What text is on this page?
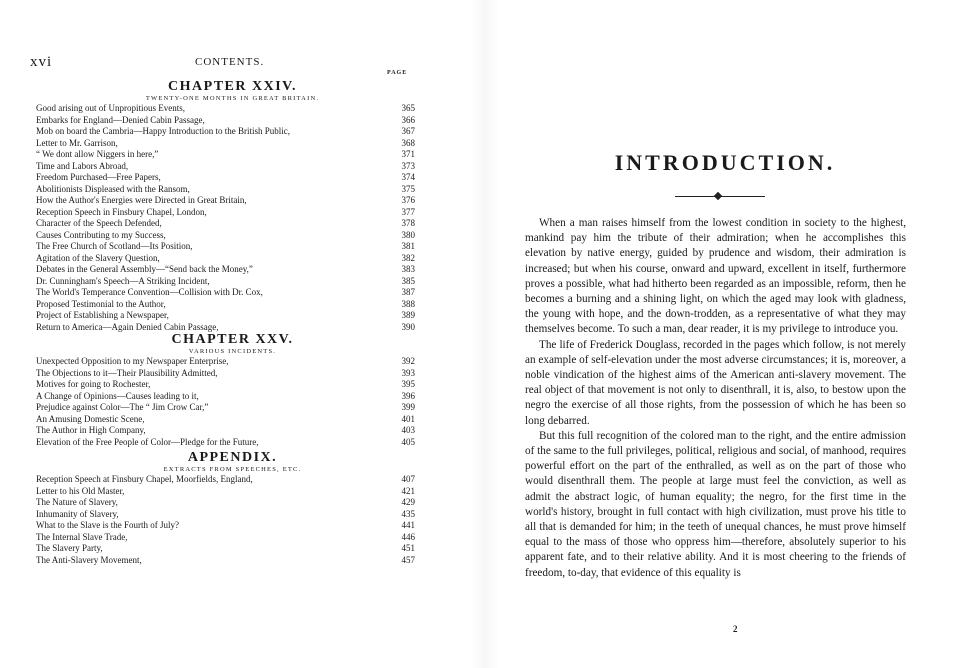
xvi	CONTENTS.
PAGE
CHAPTER XXIV.
TWENTY-ONE MONTHS IN GREAT BRITAIN.
Good arising out of Unpropitious Events,	365
Embarks for England—Denied Cabin Passage,	366
Mob on board the Cambria—Happy Introduction to the British Public,	367
Letter to Mr. Garrison,	368
“ We dont allow Niggers in here,”	371
Time and Labors Abroad,	373
Freedom Purchased—Free Papers,	374
Abolitionists Displeased with the Ransom,	375
How the Author's Energies were Directed in Great Britain,	376
Reception Speech in Finsbury Chapel, London,	377
Character of the Speech Defended,	378
Causes Contributing to my Success,	380
The Free Church of Scotland—Its Position,	381
Agitation of the Slavery Question,	382
Debates in the General Assembly—“Send back the Money,”	383
Dr. Cunningham's Speech—A Striking Incident,	385
The World's Temperance Convention—Collision with Dr. Cox,	387
Proposed Testimonial to the Author,	388
Project of Establishing a Newspaper,	389
Return to America—Again Denied Cabin Passage,	390
CHAPTER XXV.
VARIOUS INCIDENTS.
Unexpected Opposition to my Newspaper Enterprise,	392
The Objections to it—Their Plausibility Admitted,	393
Motives for going to Rochester,	395
A Change of Opinions—Causes leading to it,	396
Prejudice against Color—The “ Jim Crow Car,”	399
An Amusing Domestic Scene,	401
The Author in High Company,	403
Elevation of the Free People of Color—Pledge for the Future,	405
APPENDIX.
EXTRACTS FROM SPEECHES, ETC.
Reception Speech at Finsbury Chapel, Moorfields, England,	407
Letter to his Old Master,	421
The Nature of Slavery,	429
Inhumanity of Slavery,	435
What to the Slave is the Fourth of July?	441
The Internal Slave Trade,	446
The Slavery Party,	451
The Anti-Slavery Movement,	457
INTRODUCTION.

When a man raises himself from the lowest condition in society to the highest, mankind pay him the tribute of their admiration; when he accomplishes this elevation by native energy, guided by prudence and wisdom, their admiration is increased; but when his course, onward and upward, excellent in itself, furthermore proves a possible, what had hitherto been regarded as an impossible, reform, then he becomes a burning and a shining light, on which the aged may look with gladness, the young with hope, and the down-trodden, as a representative of what they may themselves become. To such a man, dear reader, it is my privilege to introduce you.

The life of Frederick Douglass, recorded in the pages which follow, is not merely an example of self-elevation under the most adverse circumstances; it is, moreover, a noble vindication of the highest aims of the American anti-slavery movement. The real object of that movement is not only to disenthrall, it is, also, to bestow upon the negro the exercise of all those rights, from the possession of which he has been so long debarred.

But this full recognition of the colored man to the right, and the entire admission of the same to the full privileges, political, religious and social, of manhood, requires powerful effort on the part of the enthralled, as well as on the part of those who would disenthrall them. The people at large must feel the conviction, as well as admit the abstract logic, of human equality; the negro, for the first time in the world's history, brought in full contact with high civilization, must prove his title to all that is demanded for him; in the teeth of unequal chances, he must prove himself equal to the mass of those who oppress him—therefore, absolutely superior to his apparent fate, and to their relative ability. And it is most cheering to the friends of freedom, to-day, that evidence of this equality is

2
